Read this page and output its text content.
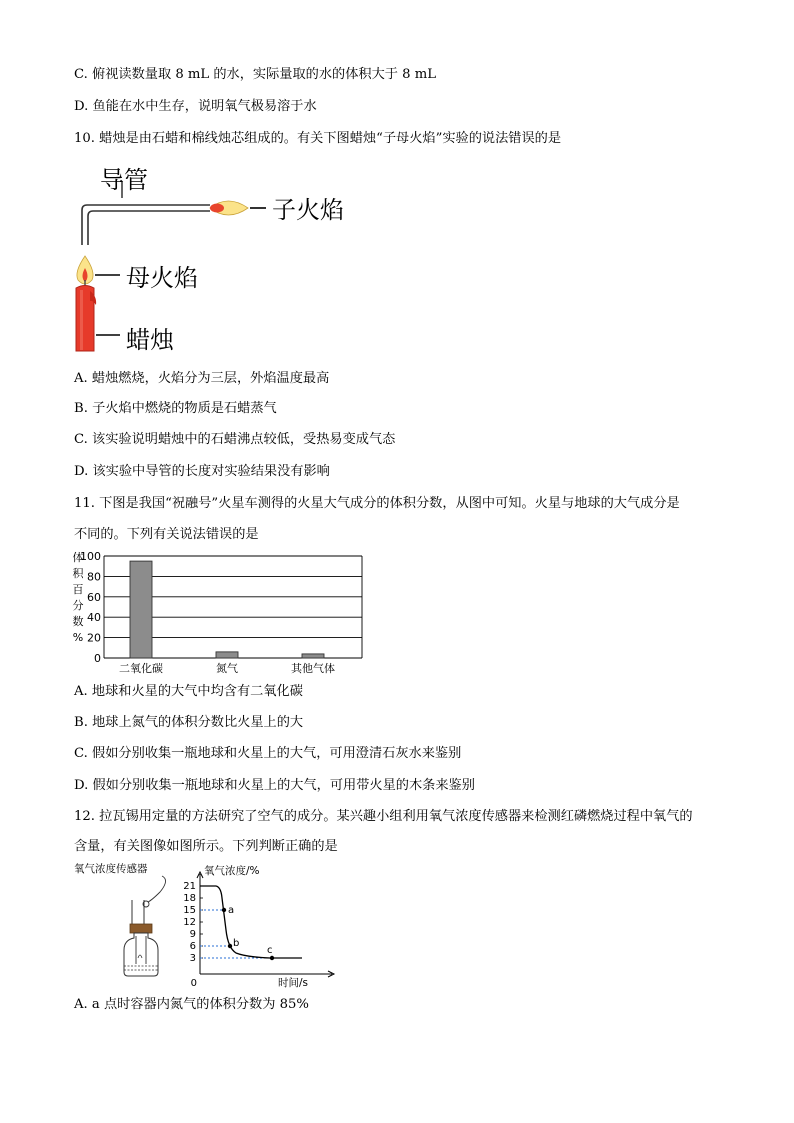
C. 俯视读数量取 8 mL 的水，实际量取的水的体积大于 8 mL
D. 鱼能在水中生存，说明氧气极易溶于水
10. 蜡烛是由石蜡和棉线烛芯组成的。有关下图蜡烛“子母火焰”实验的说法错误的是
导管
子火焰
母火焰
蜡烛
A. 蜡烛燃烧，火焰分为三层，外焰温度最高
B. 子火焰中燃烧的物质是石蜡蒸气
C. 该实验说明蜡烛中的石蜡沸点较低，受热易变成气态
D. 该实验中导管的长度对实验结果没有影响
11. 下图是我国“祝融号”火星车测得的火星大气成分的体积分数，从图中可知。火星与地球的大气成分是
不同的。下列有关说法错误的是
体
积
百
分
数
%
100
80
60
40
20
0
二氧化碳	氮气	其他气体
A. 地球和火星的大气中均含有二氧化碳
B. 地球上氮气的体积分数比火星上的大
C. 假如分别收集一瓶地球和火星上的大气，可用澄清石灰水来鉴别
D. 假如分别收集一瓶地球和火星上的大气，可用带火星的木条来鉴别
12. 拉瓦锡用定量的方法研究了空气的成分。某兴趣小组利用氧气浓度传感器来检测红磷燃烧过程中氧气的
含量，有关图像如图所示。下列判断正确的是
氧气浓度传感器	氧气浓度/%
时间/s
0
21
18
15
12
9
6
3
a
b
c
A. a 点时容器内氮气的体积分数为 85%
